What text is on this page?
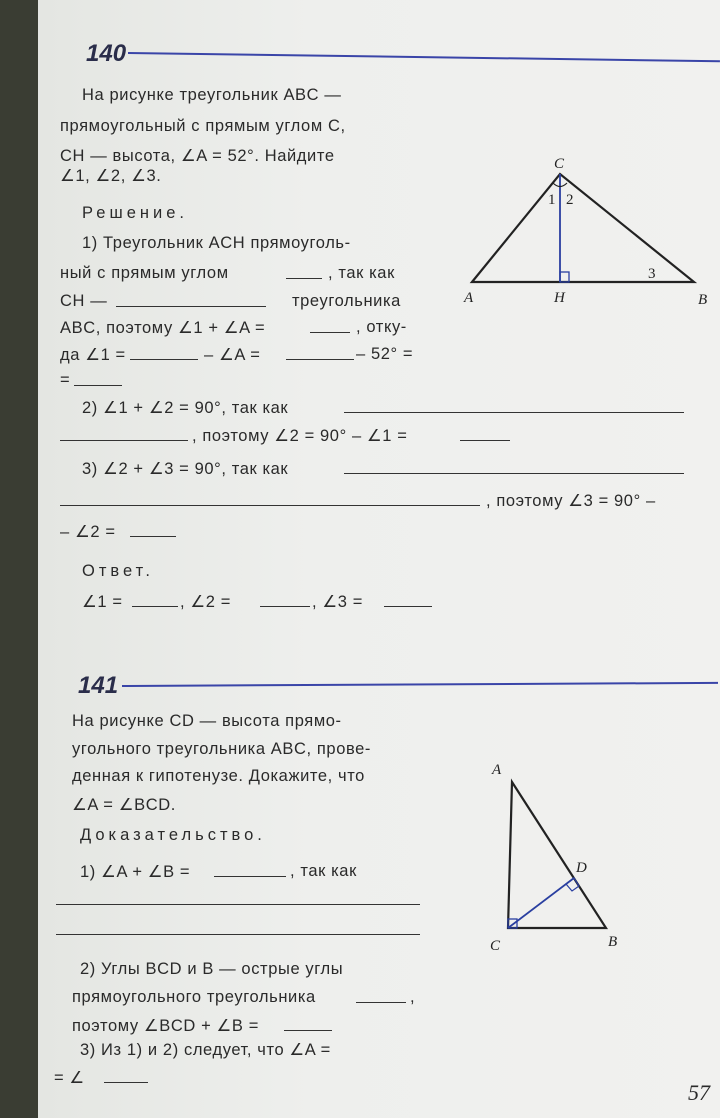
140
На рисунке треугольник ABC —
прямоугольный с прямым углом C,
CH — высота, ∠A = 52°. Найдите
∠1, ∠2, ∠3.
C
A	H	B
1 2
3
Решение.
1) Треугольник ACH прямоуголь-
ный с прямым углом	, так как
CH —	треугольника
ABC, поэтому ∠1 + ∠A =	, отку-
да ∠1 =	– ∠A =	– 52° =
=
2) ∠1 + ∠2 = 90°, так как
, поэтому ∠2 = 90° – ∠1 =
3) ∠2 + ∠3 = 90°, так как
, поэтому ∠3 = 90° –
– ∠2 =
Ответ.
∠1 =	, ∠2 =	, ∠3 =
141
На рисунке CD — высота прямо-
угольного треугольника ABC, прове-
денная к гипотенузе. Докажите, что
∠A = ∠BCD.
A
D
C	B
Доказательство.
1) ∠A + ∠B =	, так как
2) Углы BCD и B — острые углы
прямоугольного треугольника	,
поэтому ∠BCD + ∠B =
3) Из 1) и 2) следует, что ∠A =
= ∠
57
